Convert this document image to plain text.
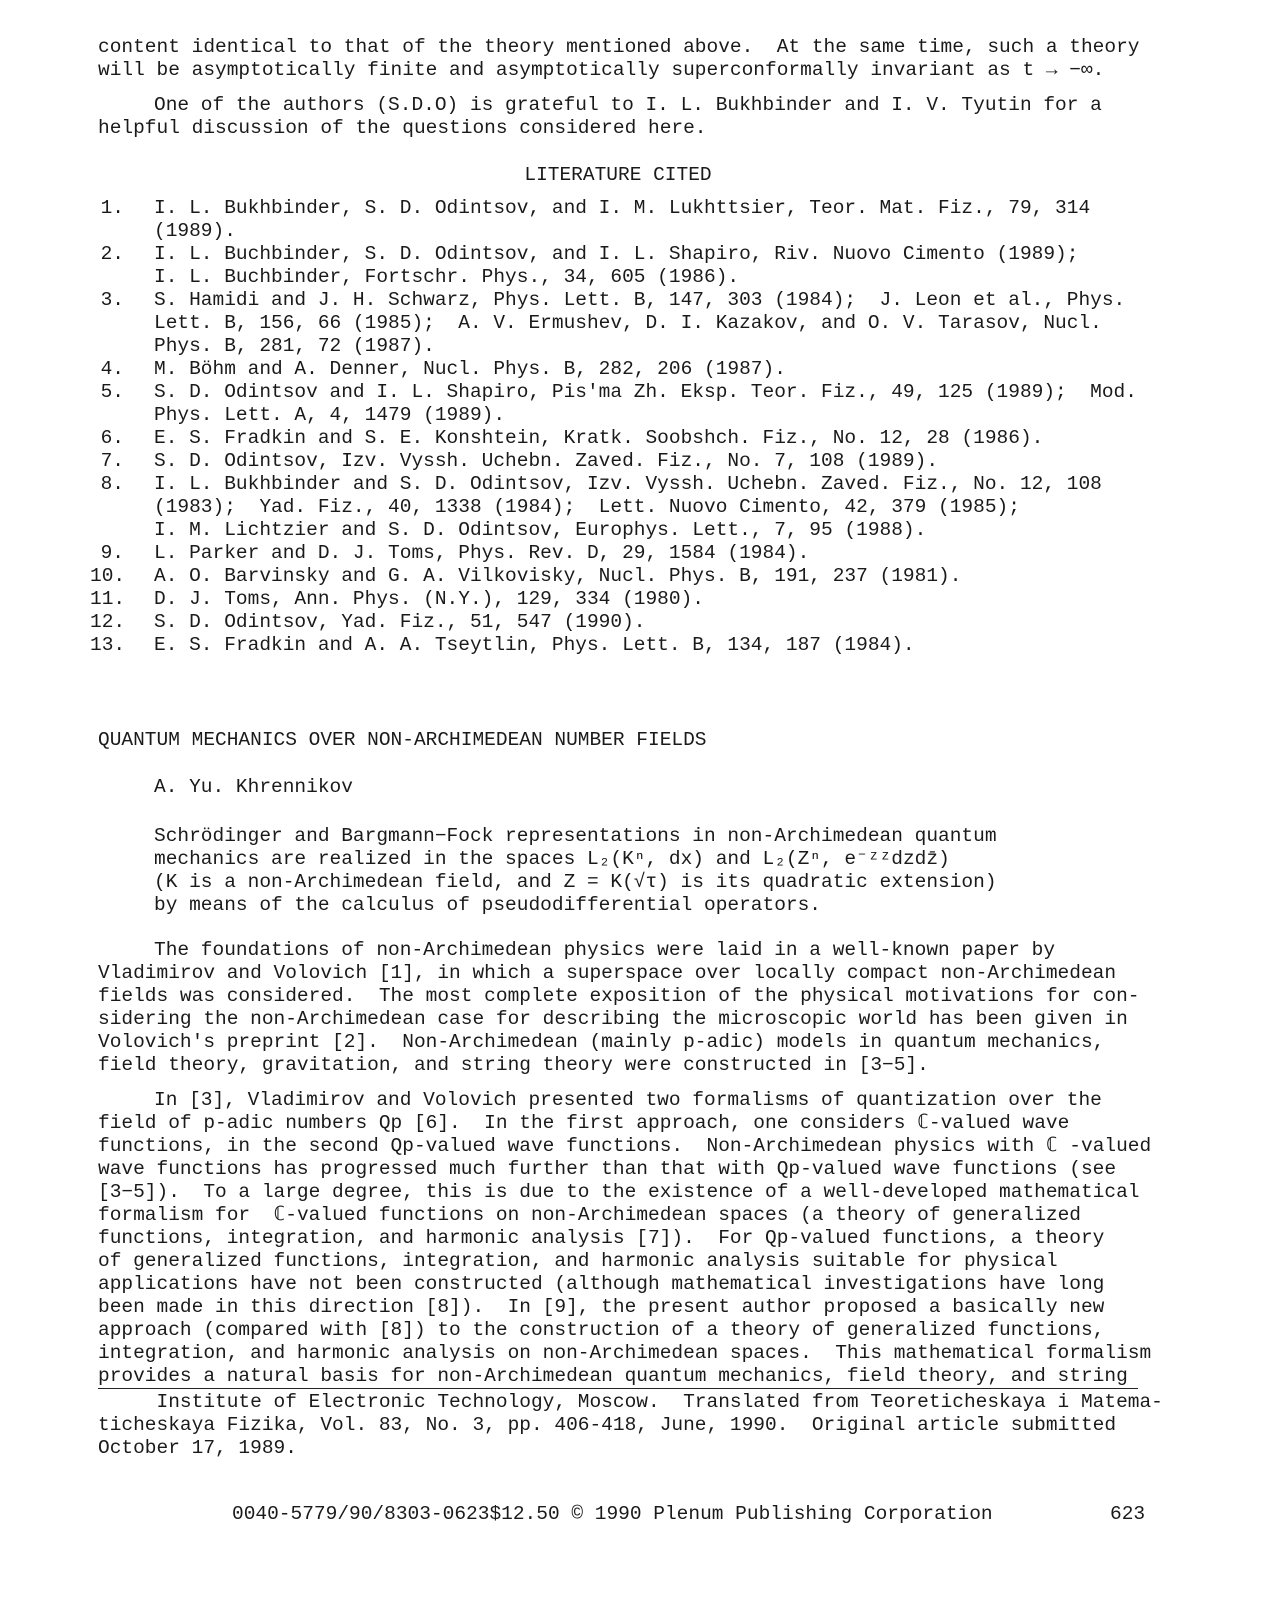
content identical to that of the theory mentioned above.  At the same time, such a theory
will be asymptotically finite and asymptotically superconformally invariant as t → −∞.

One of the authors (S.D.O) is grateful to I. L. Bukhbinder and I. V. Tyutin for a
helpful discussion of the questions considered here.

LITERATURE CITED
1. I. L. Bukhbinder, S. D. Odintsov, and I. M. Lukhttsier, Teor. Mat. Fiz., 79, 314
(1989).
2. I. L. Buchbinder, S. D. Odintsov, and I. L. Shapiro, Riv. Nuovo Cimento (1989);
I. L. Buchbinder, Fortschr. Phys., 34, 605 (1986).
3. S. Hamidi and J. H. Schwarz, Phys. Lett. B, 147, 303 (1984);  J. Leon et al., Phys.
Lett. B, 156, 66 (1985);  A. V. Ermushev, D. I. Kazakov, and O. V. Tarasov, Nucl.
Phys. B, 281, 72 (1987).
4. M. Böhm and A. Denner, Nucl. Phys. B, 282, 206 (1987).
5. S. D. Odintsov and I. L. Shapiro, Pis'ma Zh. Eksp. Teor. Fiz., 49, 125 (1989);  Mod.
Phys. Lett. A, 4, 1479 (1989).
6. E. S. Fradkin and S. E. Konshtein, Kratk. Soobshch. Fiz., No. 12, 28 (1986).
7. S. D. Odintsov, Izv. Vyssh. Uchebn. Zaved. Fiz., No. 7, 108 (1989).
8. I. L. Bukhbinder and S. D. Odintsov, Izv. Vyssh. Uchebn. Zaved. Fiz., No. 12, 108
(1983);  Yad. Fiz., 40, 1338 (1984);  Lett. Nuovo Cimento, 42, 379 (1985);
I. M. Lichtzier and S. D. Odintsov, Europhys. Lett., 7, 95 (1988).
9. L. Parker and D. J. Toms, Phys. Rev. D, 29, 1584 (1984).
10. A. O. Barvinsky and G. A. Vilkovisky, Nucl. Phys. B, 191, 237 (1981).
11. D. J. Toms, Ann. Phys. (N.Y.), 129, 334 (1980).
12. S. D. Odintsov, Yad. Fiz., 51, 547 (1990).
13. E. S. Fradkin and A. A. Tseytlin, Phys. Lett. B, 134, 187 (1984).
QUANTUM MECHANICS OVER NON-ARCHIMEDEAN NUMBER FIELDS
A. Yu. Khrennikov
Schrödinger and Bargmann−Fock representations in non-Archimedean quantum
mechanics are realized in the spaces L₂(Kⁿ, dx) and L₂(Zⁿ, e⁻ᶻᶻdzdz̄)
(K is a non-Archimedean field, and Z = K(√τ) is its quadratic extension)
by means of the calculus of pseudodifferential operators.

The foundations of non-Archimedean physics were laid in a well-known paper by
Vladimirov and Volovich [1], in which a superspace over locally compact non-Archimedean
fields was considered.  The most complete exposition of the physical motivations for con-
sidering the non-Archimedean case for describing the microscopic world has been given in
Volovich's preprint [2].  Non-Archimedean (mainly p-adic) models in quantum mechanics,
field theory, gravitation, and string theory were constructed in [3−5].

In [3], Vladimirov and Volovich presented two formalisms of quantization over the
field of p-adic numbers Qp [6].  In the first approach, one considers ℂ-valued wave
functions, in the second Qp-valued wave functions.  Non-Archimedean physics with ℂ -valued
wave functions has progressed much further than that with Qp-valued wave functions (see
[3−5]).  To a large degree, this is due to the existence of a well-developed mathematical
formalism for  ℂ-valued functions on non-Archimedean spaces (a theory of generalized
functions, integration, and harmonic analysis [7]).  For Qp-valued functions, a theory
of generalized functions, integration, and harmonic analysis suitable for physical
applications have not been constructed (although mathematical investigations have long
been made in this direction [8]).  In [9], the present author proposed a basically new
approach (compared with [8]) to the construction of a theory of generalized functions,
integration, and harmonic analysis on non-Archimedean spaces.  This mathematical formalism
provides a natural basis for non-Archimedean quantum mechanics, field theory, and string

Institute of Electronic Technology, Moscow.  Translated from Teoreticheskaya i Matema-
ticheskaya Fizika, Vol. 83, No. 3, pp. 406-418, June, 1990.  Original article submitted
October 17, 1989.
0040-5779/90/8303-0623$12.50 © 1990 Plenum Publishing Corporation	623
